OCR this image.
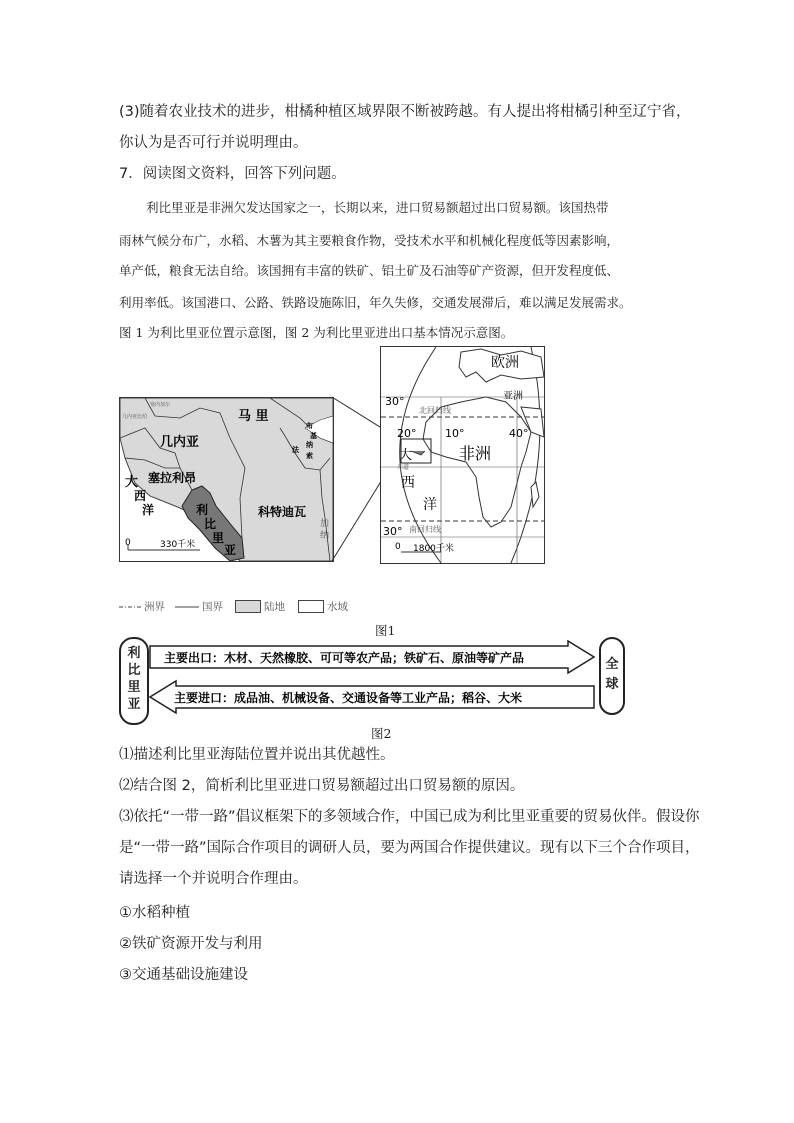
(3)随着农业技术的进步，柑橘种植区域界限不断被跨越。有人提出将柑橘引种至辽宁省，
你认为是否可行并说明理由。
7．阅读图文资料，回答下列问题。
利比里亚是非洲欠发达国家之一，长期以来，进口贸易额超过出口贸易额。该国热带
雨林气候分布广，水稻、木薯为其主要粮食作物，受技术水平和机械化程度低等因素影响，
单产低，粮食无法自给。该国拥有丰富的铁矿、铝土矿及石油等矿产资源，但开发程度低、
利用率低。该国港口、公路、铁路设施陈旧，年久失修，交通发展滞后，难以满足发展需求。
图 1 为利比里亚位置示意图，图 2 为利比里亚进出口基本情况示意图。
马 里
几内亚
塞拉利昂
科特迪瓦
利
比
里
亚
布
基
纳
法
索
加
纳
几内亚比绍
塞内加尔
大
西
洋
0	330千米
欧洲
亚洲
非洲
大
西
洋
30°
20°	10°	40°
30°
北回归线
南回归线
赤道
0 1800千米
洲界	国界	陆地	水域
图1
利
比
里
亚
全
球
主要出口：木材、天然橡胶、可可等农产品；铁矿石、原油等矿产品
主要进口：成品油、机械设备、交通设备等工业产品；稻谷、大米
图2
⑴描述利比里亚海陆位置并说出其优越性。
⑵结合图 2，简析利比里亚进口贸易额超过出口贸易额的原因。
⑶依托“一带一路”倡议框架下的多领域合作，中国已成为利比里亚重要的贸易伙伴。假设你
是“一带一路”国际合作项目的调研人员，要为两国合作提供建议。现有以下三个合作项目，
请选择一个并说明合作理由。
①水稻种植
②铁矿资源开发与利用
③交通基础设施建设
